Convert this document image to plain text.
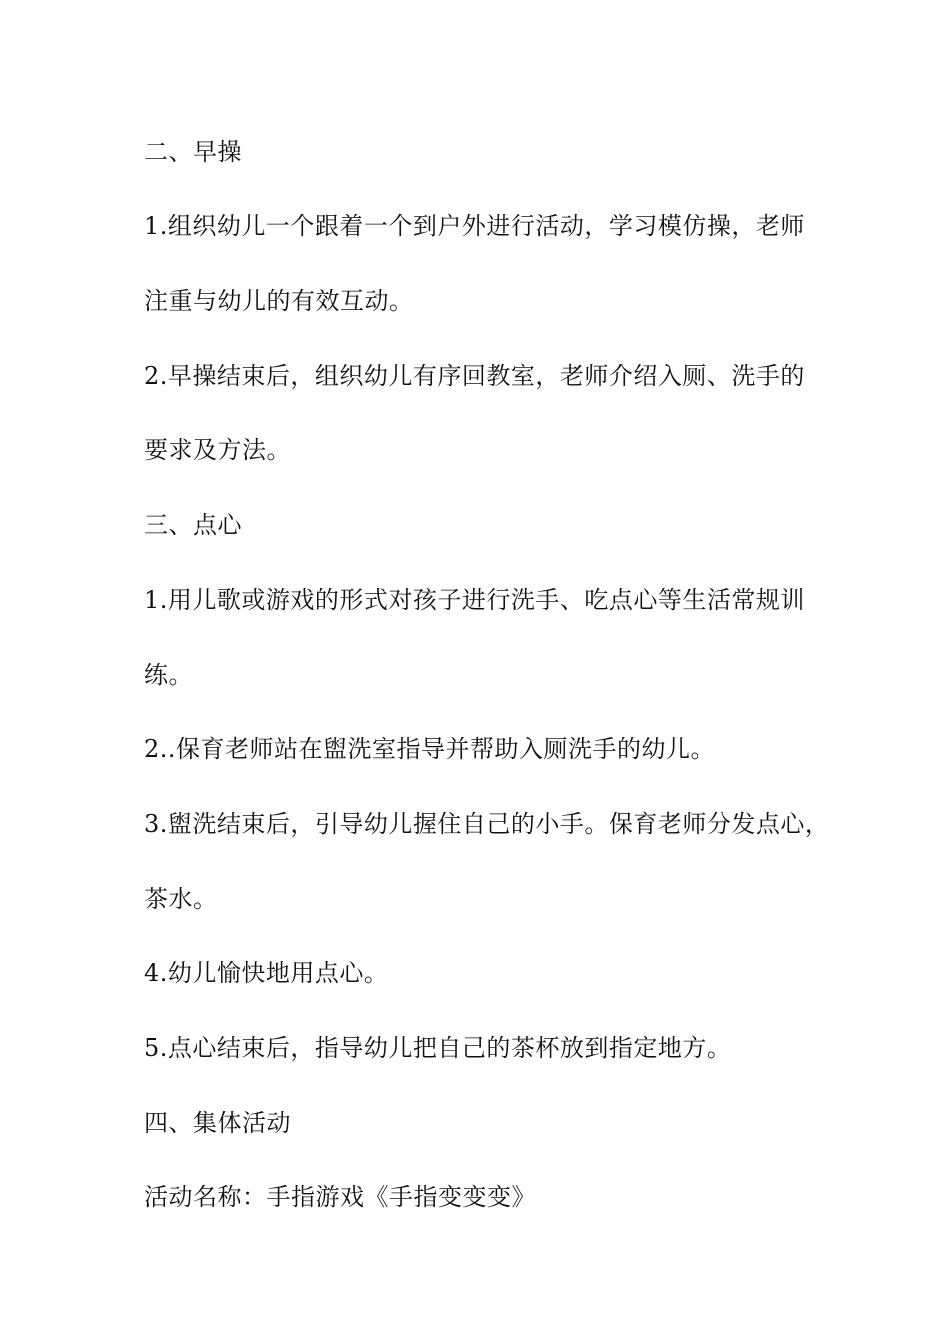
二、早操
1.组织幼儿一个跟着一个到户外进行活动，学习模仿操，老师
注重与幼儿的有效互动。
2.早操结束后，组织幼儿有序回教室，老师介绍入厕、洗手的
要求及方法。
三、点心
1.用儿歌或游戏的形式对孩子进行洗手、吃点心等生活常规训
练。
2..保育老师站在盥洗室指导并帮助入厕洗手的幼儿。
3.盥洗结束后，引导幼儿握住自己的小手。保育老师分发点心，
茶水。
4.幼儿愉快地用点心。
5.点心结束后，指导幼儿把自己的茶杯放到指定地方。
四、集体活动
活动名称：手指游戏《手指变变变》
